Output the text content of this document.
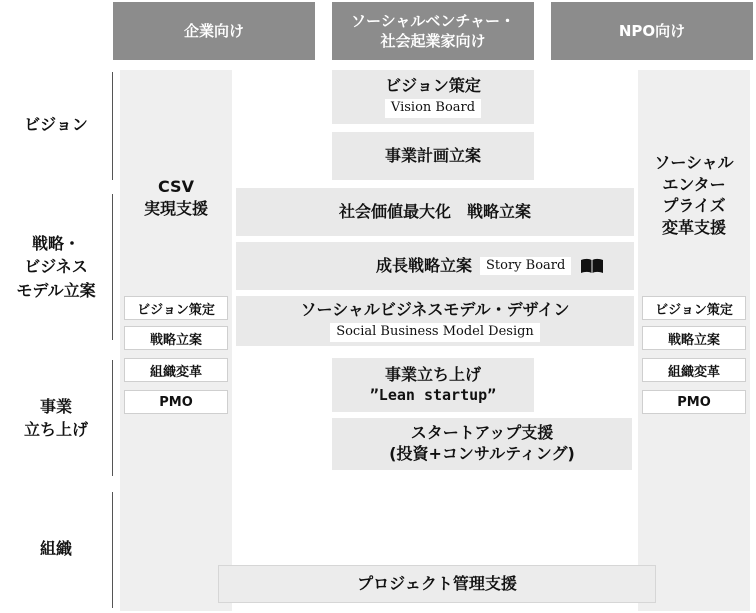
企業向け
ソーシャルベンチャー・
社会起業家向け
NPO向け
ビジョン
戦略・
ビジネス
モデル立案
事業
立ち上げ
組織
CSV
実現支援
ビジョン策定
戦略立案
組織変革
PMO
ソーシャル
エンター
プライズ
変革支援
ビジョン策定
戦略立案
組織変革
PMO
ビジョン策定
Vision Board
事業計画立案
社会価値最大化　戦略立案
成長戦略立案	Story Board
ソーシャルビジネスモデル・デザイン
Social Business Model Design
事業立ち上げ
”Lean startup”
スタートアップ支援
(投資+コンサルティング)
プロジェクト管理支援
